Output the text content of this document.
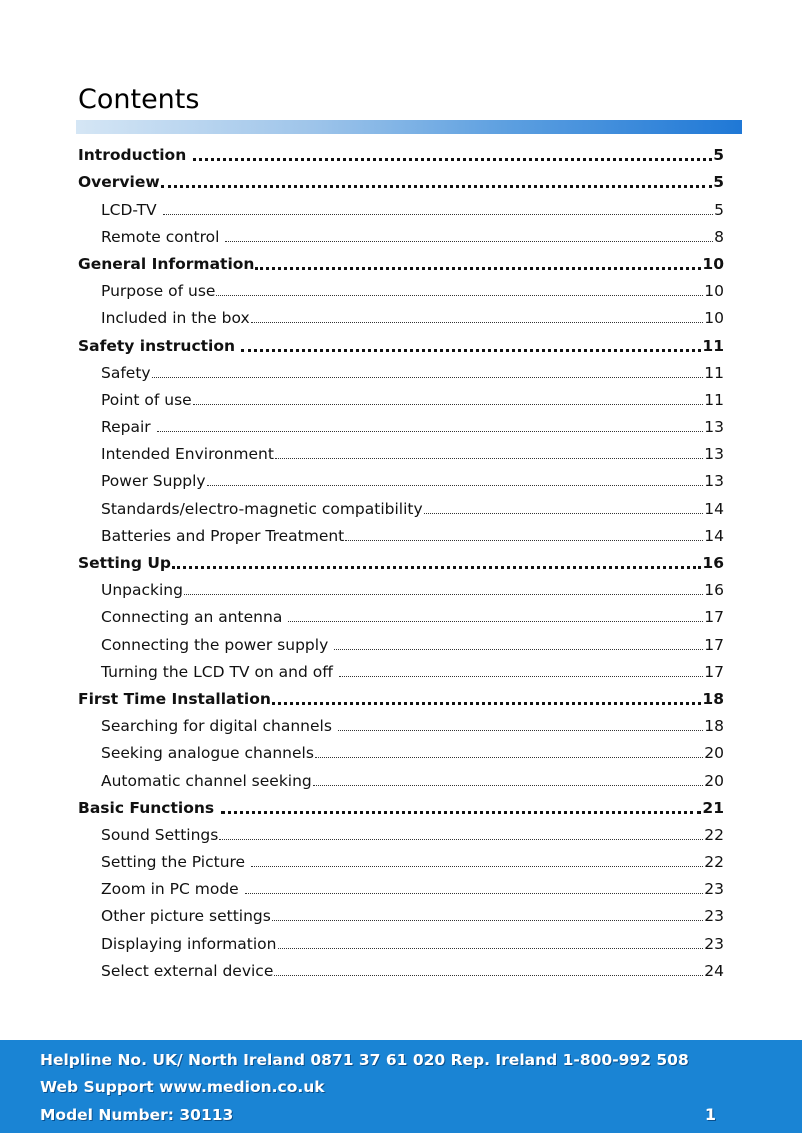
Contents
Introduction	5
Overview	5
LCD-TV	5
Remote control	8
General Information	10
Purpose of use	10
Included in the box	10
Safety instruction	11
Safety	11
Point of use	11
Repair	13
Intended Environment	13
Power Supply	13
Standards/electro-magnetic compatibility	14
Batteries and Proper Treatment	14
Setting Up	16
Unpacking	16
Connecting an antenna	17
Connecting the power supply	17
Turning the LCD TV on and off	17
First Time Installation	18
Searching for digital channels	18
Seeking analogue channels	20
Automatic channel seeking	20
Basic Functions	21
Sound Settings	22
Setting the Picture	22
Zoom in PC mode	23
Other picture settings	23
Displaying information	23
Select external device	24
Helpline No. UK/ North Ireland 0871 37 61 020 Rep. Ireland 1-800-992 508
Web Support www.medion.co.uk
Model Number: 30113	1
